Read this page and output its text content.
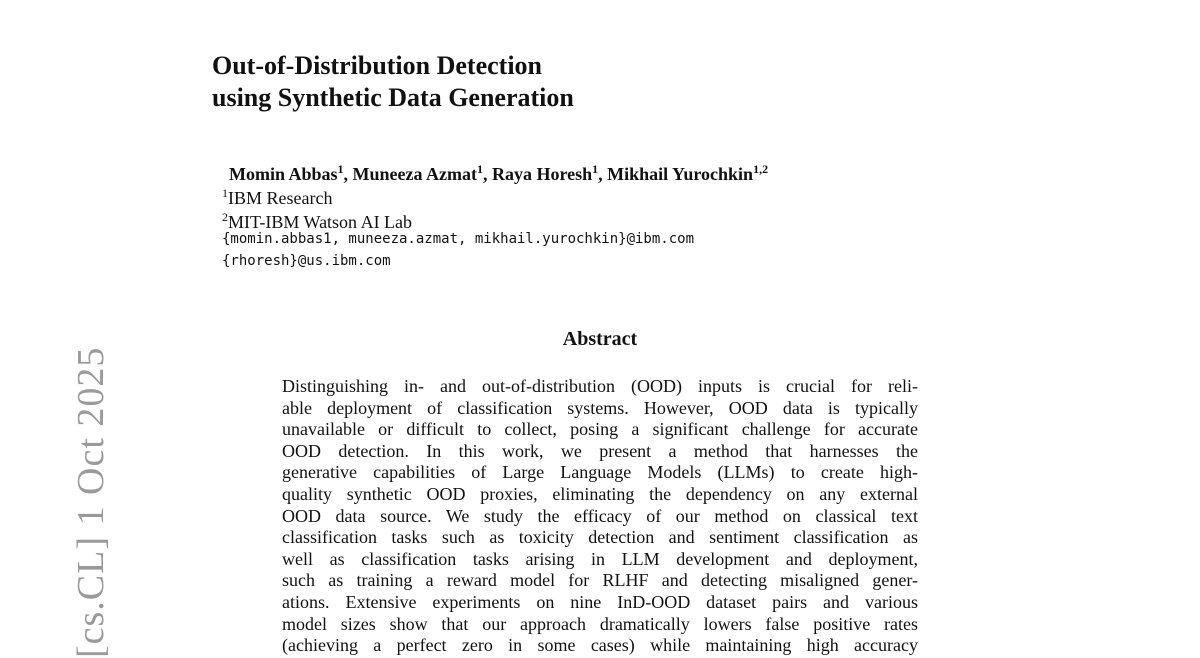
[cs.CL] 1 Oct 2025
Out-of-Distribution Detection
using Synthetic Data Generation
Momin Abbas$^1$, Muneeza Azmat$^1$, Raya Horesh$^1$, Mikhail Yurochkin$^{1,2}$
$^1$IBM Research
$^2$MIT-IBM Watson AI Lab
{momin.abbas1, muneeza.azmat, mikhail.yurochkin}@ibm.com
{rhoresh}@us.ibm.com
Abstract
Distinguishing in- and out-of-distribution (OOD) inputs is crucial for reli-
able deployment of classification systems. However, OOD data is typically
unavailable or difficult to collect, posing a significant challenge for accurate
OOD detection. In this work, we present a method that harnesses the
generative capabilities of Large Language Models (LLMs) to create high-
quality synthetic OOD proxies, eliminating the dependency on any external
OOD data source. We study the efficacy of our method on classical text
classification tasks such as toxicity detection and sentiment classification as
well as classification tasks arising in LLM development and deployment,
such as training a reward model for RLHF and detecting misaligned gener-
ations. Extensive experiments on nine InD-OOD dataset pairs and various
model sizes show that our approach dramatically lowers false positive rates
(achieving a perfect zero in some cases) while maintaining high accuracy
